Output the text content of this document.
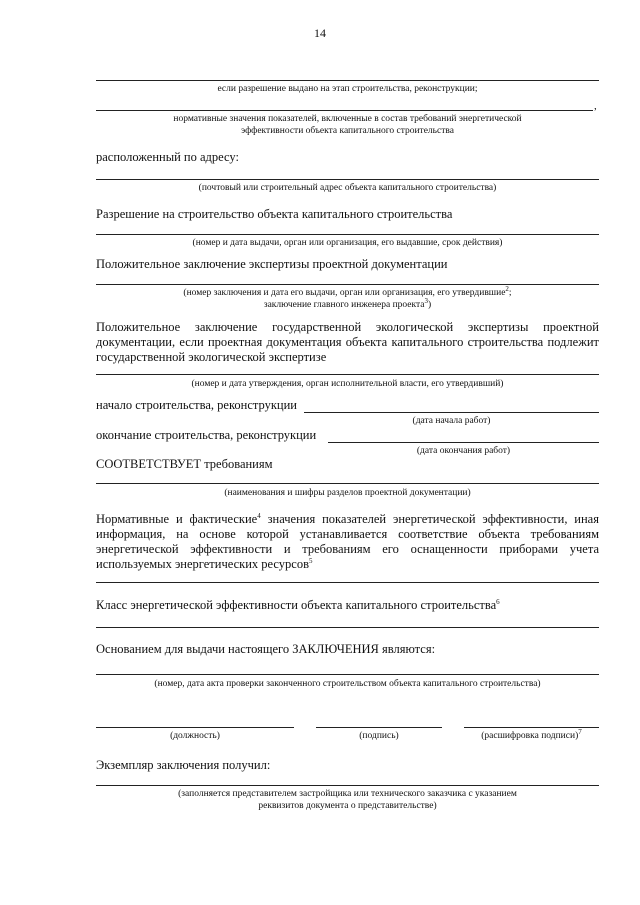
14
если разрешение выдано на этап строительства, реконструкции;
,
нормативные значения показателей, включенные в состав требований энергетической
эффективности объекта капитального строительства
расположенный по адресу:
(почтовый или строительный адрес объекта капитального строительства)
Разрешение на строительство объекта капитального строительства
(номер и дата выдачи, орган или организация, его выдавшие, срок действия)
Положительное заключение экспертизы проектной документации
(номер заключения и дата его выдачи, орган или организация, его утвердившие$^2$;
заключение главного инженера проекта$^3$)
Положительное заключение государственной экологической экспертизы проектной документации, если проектная документация объекта капитального строительства подлежит государственной экологической экспертизе
(номер и дата утверждения, орган исполнительной власти, его утвердивший)
начало строительства, реконструкции
(дата начала работ)
окончание строительства, реконструкции
(дата окончания работ)
СООТВЕТСТВУЕТ требованиям
(наименования и шифры разделов проектной документации)
Нормативные и фактические$^4$ значения показателей энергетической эффективности, иная информация, на основе которой устанавливается соответствие объекта требованиям энергетической эффективности и требованиям его оснащенности приборами учета используемых энергетических ресурсов$^5$
Класс энергетической эффективности объекта капитального строительства$^6$
Основанием для выдачи настоящего ЗАКЛЮЧЕНИЯ являются:
(номер, дата акта проверки законченного строительством объекта капитального строительства)
(должность)	(подпись)	(расшифровка подписи)$^7$
Экземпляр заключения получил:
(заполняется представителем застройщика или технического заказчика с указанием
реквизитов документа о представительстве)
